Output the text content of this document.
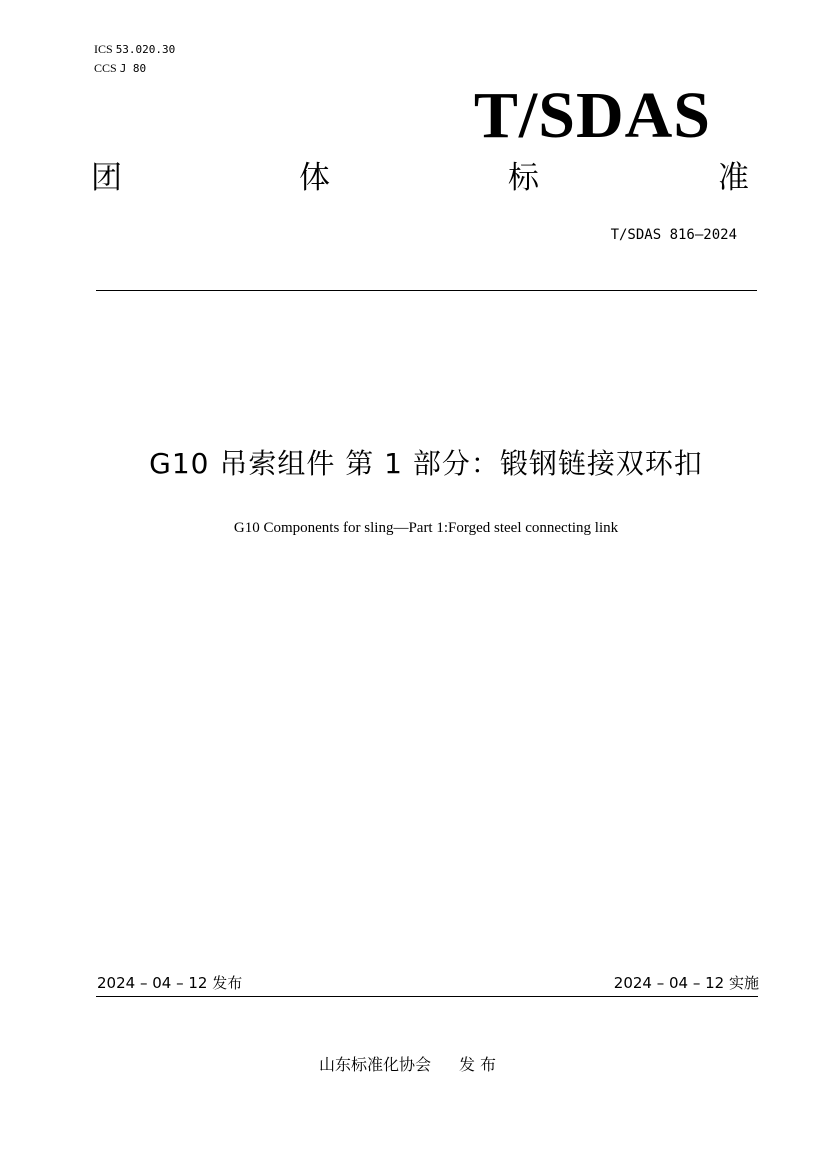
ICS 53.020.30
CCS J 80
T/SDAS
团	体	标	准
T/SDAS 816—2024
G10 吊索组件 第 1 部分：锻钢链接双环扣
G10 Components for sling—Part 1:Forged steel connecting link
2024 – 04 – 12 发布	2024 – 04 – 12 实施
山东标准化协会 发 布
